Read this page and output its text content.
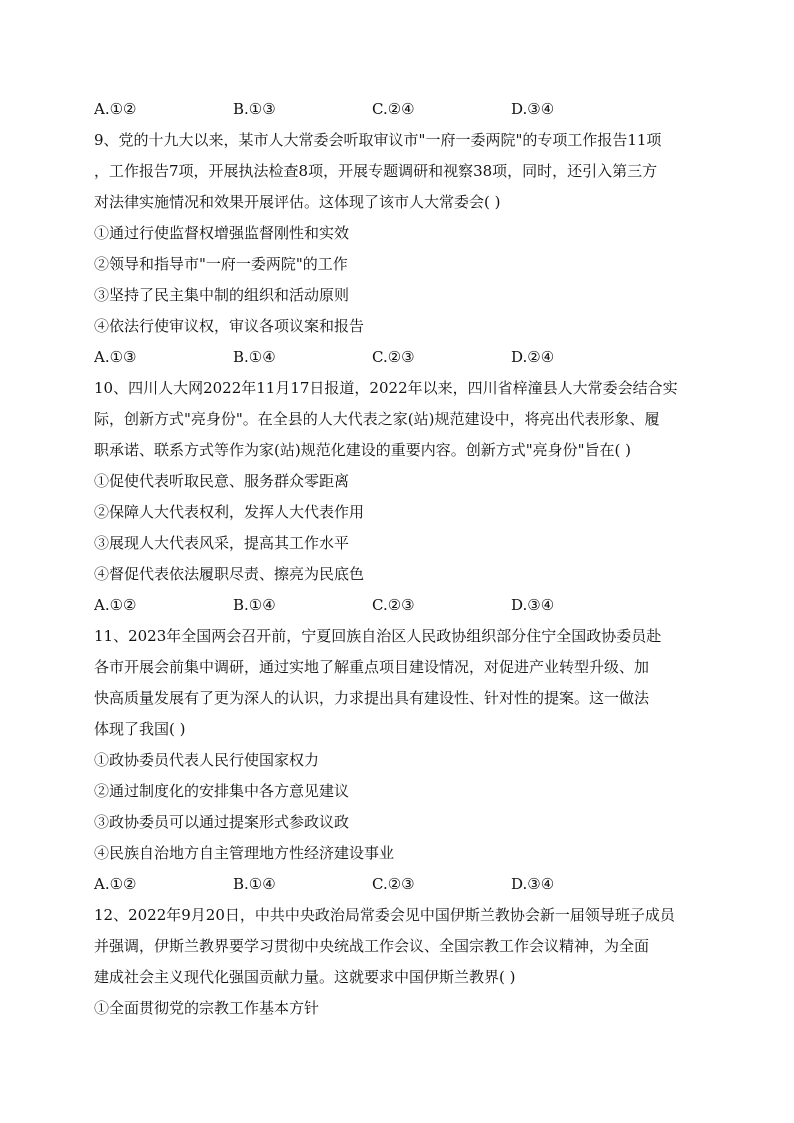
A.①②	B.①③	C.②④	D.③④
9、党的十九大以来，某市人大常委会听取审议市"一府一委两院"的专项工作报告11项
，工作报告7项，开展执法检查8项，开展专题调研和视察38项，同时，还引入第三方
对法律实施情况和效果开展评估。这体现了该市人大常委会( )
①通过行使监督权增强监督刚性和实效
②领导和指导市"一府一委两院"的工作
③坚持了民主集中制的组织和活动原则
④依法行使审议权，审议各项议案和报告
A.①③	B.①④	C.②③	D.②④
10、四川人大网2022年11月17日报道，2022年以来，四川省梓潼县人大常委会结合实
际，创新方式"亮身份"。在全县的人大代表之家(站)规范建设中，将亮出代表形象、履
职承诺、联系方式等作为家(站)规范化建设的重要内容。创新方式"亮身份"旨在( )
①促使代表听取民意、服务群众零距离
②保障人大代表权利，发挥人大代表作用
③展现人大代表风采，提高其工作水平
④督促代表依法履职尽责、擦亮为民底色
A.①②	B.①④	C.②③	D.③④
11、2023年全国两会召开前，宁夏回族自治区人民政协组织部分住宁全国政协委员赴
各市开展会前集中调研，通过实地了解重点项目建设情况，对促进产业转型升级、加
快高质量发展有了更为深人的认识，力求提出具有建设性、针对性的提案。这一做法
体现了我国( )
①政协委员代表人民行使国家权力
②通过制度化的安排集中各方意见建议
③政协委员可以通过提案形式参政议政
④民族自治地方自主管理地方性经济建设事业
A.①②	B.①④	C.②③	D.③④
12、2022年9月20日，中共中央政治局常委会见中国伊斯兰教协会新一届领导班子成员
并强调，伊斯兰教界要学习贯彻中央统战工作会议、全国宗教工作会议精神，为全面
建成社会主义现代化强国贡献力量。这就要求中国伊斯兰教界( )
①全面贯彻党的宗教工作基本方针
